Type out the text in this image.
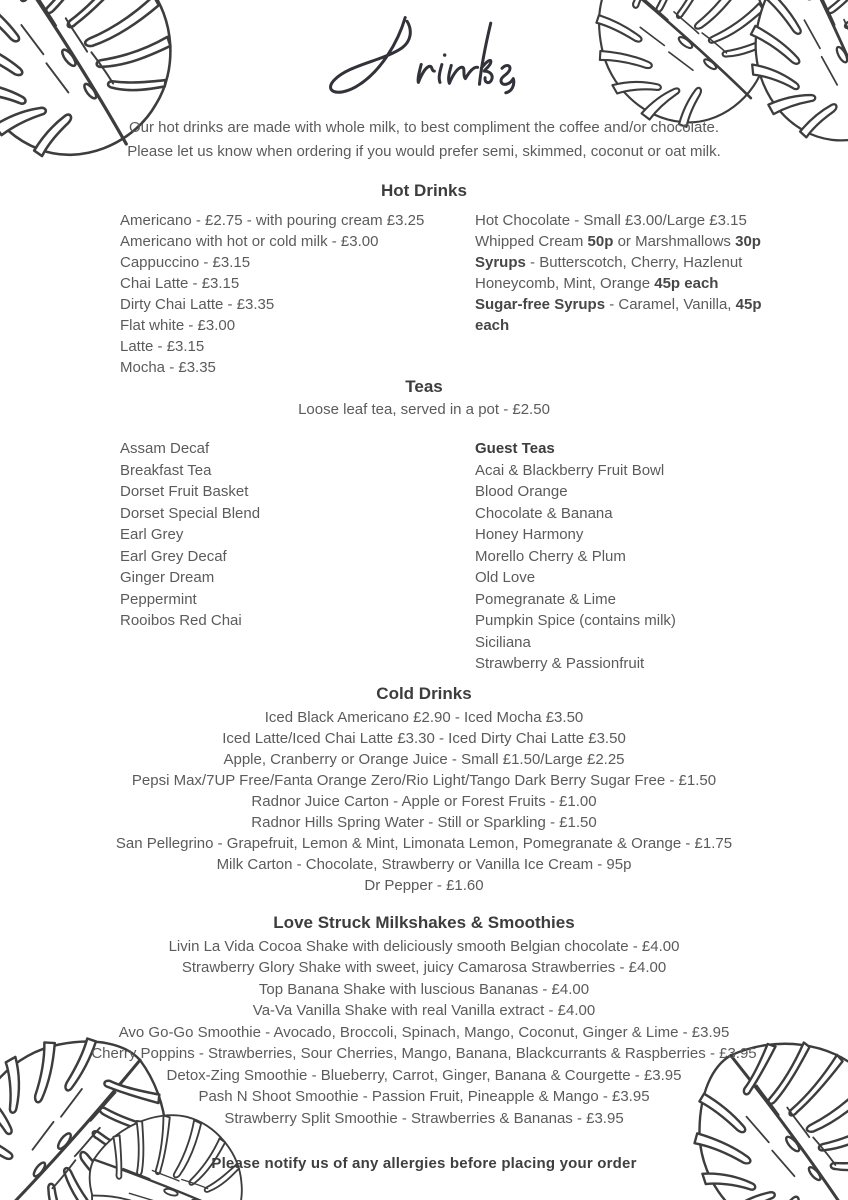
Our hot drinks are made with whole milk, to best compliment the coffee and/or chocolate.
Please let us know when ordering if you would prefer semi, skimmed, coconut or oat milk.
Hot Drinks
Americano - £2.75 - with pouring cream £3.25
Americano with hot or cold milk - £3.00
Cappuccino - £3.15
Chai Latte - £3.15
Dirty Chai Latte - £3.35
Flat white - £3.00
Latte - £3.15
Mocha - £3.35
Hot Chocolate - Small £3.00/Large £3.15
Whipped Cream 50p or Marshmallows 30p
Syrups - Butterscotch, Cherry, Hazlenut
Honeycomb, Mint, Orange 45p each
Sugar-free Syrups - Caramel, Vanilla, 45p
each
Teas
Loose leaf tea, served in a pot - £2.50
Assam Decaf
Breakfast Tea
Dorset Fruit Basket
Dorset Special Blend
Earl Grey
Earl Grey Decaf
Ginger Dream
Peppermint
Rooibos Red Chai
Guest Teas
Acai & Blackberry Fruit Bowl
Blood Orange
Chocolate & Banana
Honey Harmony
Morello Cherry & Plum
Old Love
Pomegranate & Lime
Pumpkin Spice (contains milk)
Siciliana
Strawberry & Passionfruit
Cold Drinks
Iced Black Americano £2.90 - Iced Mocha £3.50
Iced Latte/Iced Chai Latte £3.30 - Iced Dirty Chai Latte £3.50
Apple, Cranberry or Orange Juice - Small £1.50/Large £2.25
Pepsi Max/7UP Free/Fanta Orange Zero/Rio Light/Tango Dark Berry Sugar Free - £1.50
Radnor Juice Carton - Apple or Forest Fruits - £1.00
Radnor Hills Spring Water - Still or Sparkling - £1.50
San Pellegrino - Grapefruit, Lemon & Mint, Limonata Lemon, Pomegranate & Orange - £1.75
Milk Carton - Chocolate, Strawberry or Vanilla Ice Cream - 95p
Dr Pepper - £1.60
Love Struck Milkshakes & Smoothies
Livin La Vida Cocoa Shake with deliciously smooth Belgian chocolate - £4.00
Strawberry Glory Shake with sweet, juicy Camarosa Strawberries - £4.00
Top Banana Shake with luscious Bananas - £4.00
Va-Va Vanilla Shake with real Vanilla extract - £4.00
Avo Go-Go Smoothie - Avocado, Broccoli, Spinach, Mango, Coconut, Ginger & Lime - £3.95
Cherry Poppins - Strawberries, Sour Cherries, Mango, Banana, Blackcurrants & Raspberries - £3.95
Detox-Zing Smoothie - Blueberry, Carrot, Ginger, Banana & Courgette - £3.95
Pash N Shoot Smoothie - Passion Fruit, Pineapple & Mango - £3.95
Strawberry Split Smoothie - Strawberries & Bananas - £3.95
Please notify us of any allergies before placing your order
